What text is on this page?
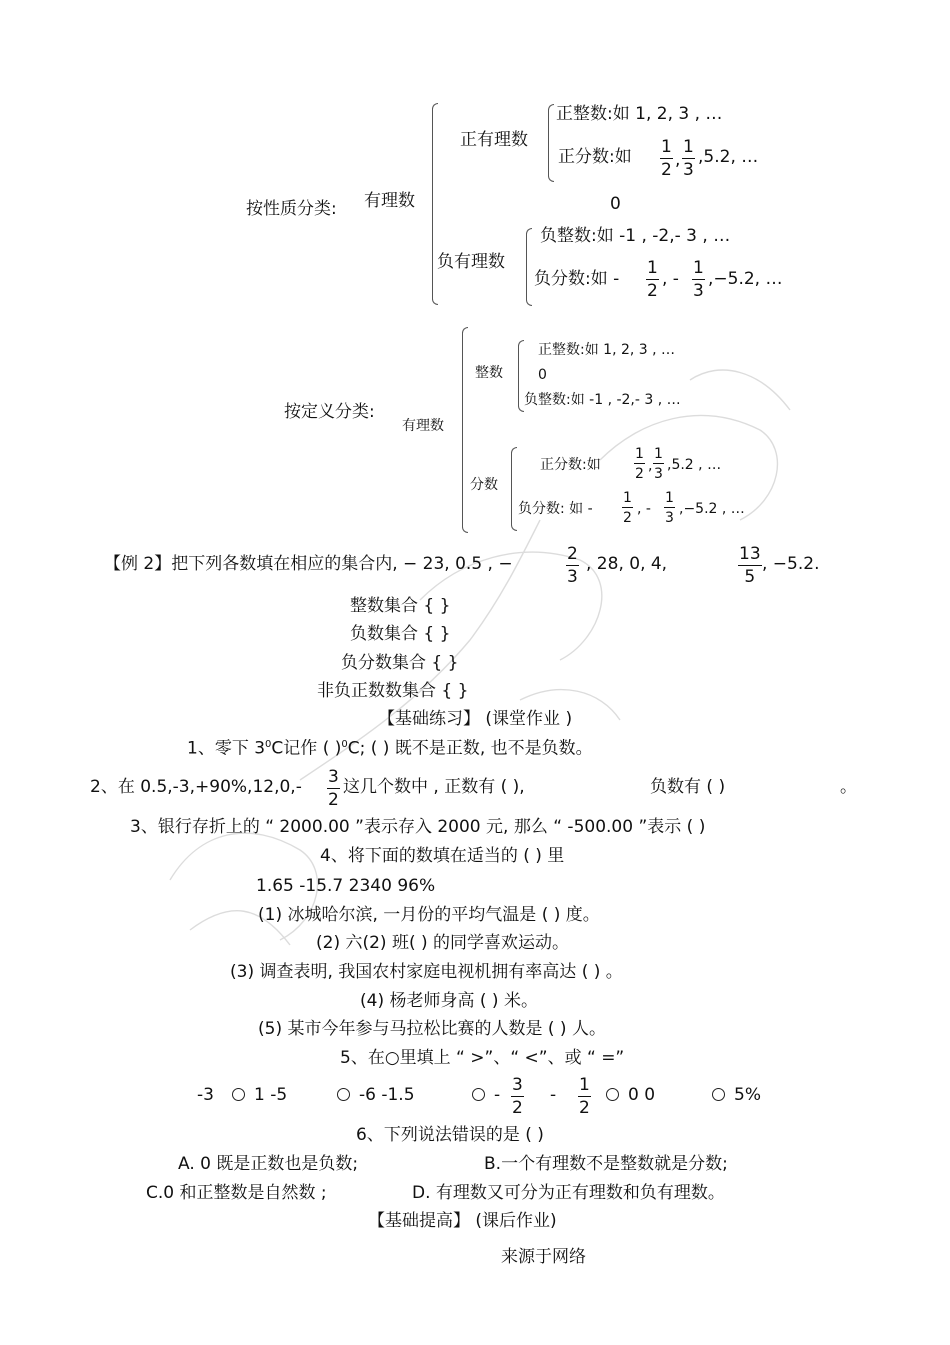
按性质分类: 有理数
正有理数
正整数:如 1, 2, 3 , …
正分数:如 $\frac{1}{2}$ , $\frac{1}{3} ,5.2$, …
0
负有理数
负整数:如 -1 , -2,- 3 , …
负分数:如 - $\frac{1}{2}$ , - $\frac{1}{3} ,-5.2$, …
按定义分类:
有理数
整数
正整数:如 1, 2, 3 , …
0
负整数:如 -1 , -2,- 3 , …
分数
正分数:如 $\frac{1}{2}$ , $\frac{1}{3} ,5.2$ , …
负分数: 如 - $\frac{1}{2}$ , - $\frac{1}{3} ,-5.2$ , …
【例 2】把下列各数填在相应的集合内, − 23, 0.5 , −	$\frac{2}{3}$ , 28, 0, 4,	$\frac{13}{5}$ , −5.2.
整数集合 { }
负数集合 { }
负分数集合 { }
非负正数数集合 { }
【基础练习】 (课堂作业 )
1、零下 $3^0C$记作 ( )$^0$C; ( ) 既不是正数, 也不是负数。
2、在 $0.5,-3,+90\%,12,0,- \frac{3}{2}$ 这几个数中 , 正数有 ( ),	负数有 ( )	。
3、银行存折上的 “ 2000.00 ”表示存入 2000 元, 那么 “ -500.00 ”表示 ( )
4、将下面的数填在适当的 ( ) 里
1.65 -15.7 2340 96%
(1) 冰城哈尔滨, 一月份的平均气温是 ( ) 度。
(2) 六(2) 班( ) 的同学喜欢运动。
(3) 调查表明, 我国农村家庭电视机拥有率高达 ( ) 。
(4) 杨老师身高 ( ) 米。
(5) 某市今年参与马拉松比赛的人数是 ( ) 人。
5、在○里填上 “ >”、“ <”、或 “ =”
-3 1 -5	-6 -1.5	- $\frac{3}{2} - \frac{1}{2} 0$ 0	5%
6、下列说法错误的是 ( )
A. 0 既是正数也是负数;	B.一个有理数不是整数就是分数;
C.0 和正整数是自然数 ;	D. 有理数又可分为正有理数和负有理数。
【基础提高】 (课后作业)
来源于网络
